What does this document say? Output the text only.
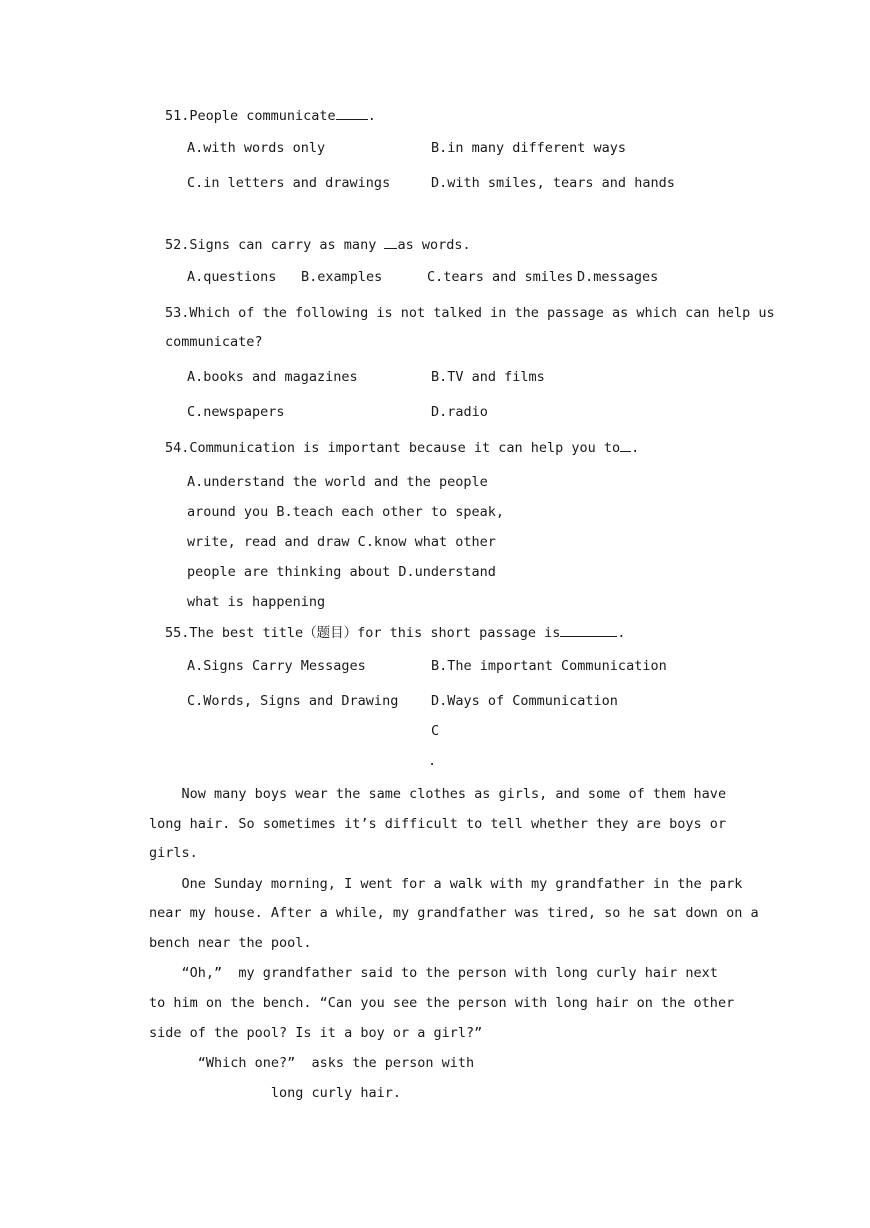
51.People communicate .
A.with words only	B.in many different ways
C.in letters and drawings	D.with smiles, tears and hands
52.Signs can carry as many as words.
A.questions B.examples	C.tears and smiles D.messages
53.Which of the following is not talked in the passage as which can help us
communicate?
A.books and magazines	B.TV and films
C.newspapers	D.radio
54.Communication is important because it can help you to .
A.understand the world and the people
around you B.teach each other to speak,
write, read and draw C.know what other
people are thinking about D.understand
what is happening
55.The best title（题目）for this short passage is	.
A.Signs Carry Messages	B.The important Communication
C.Words, Signs and Drawing D.Ways of Communication
C
.
Now many boys wear the same clothes as girls, and some of them have
long hair. So sometimes it’s difficult to tell whether they are boys or
girls.
One Sunday morning, I went for a walk with my grandfather in the park
near my house. After a while, my grandfather was tired, so he sat down on a
bench near the pool.
“Oh,”  my grandfather said to the person with long curly hair next
to him on the bench. “Can you see the person with long hair on the other
side of the pool? Is it a boy or a girl?”
“Which one?”  asks the person with
long curly hair.
